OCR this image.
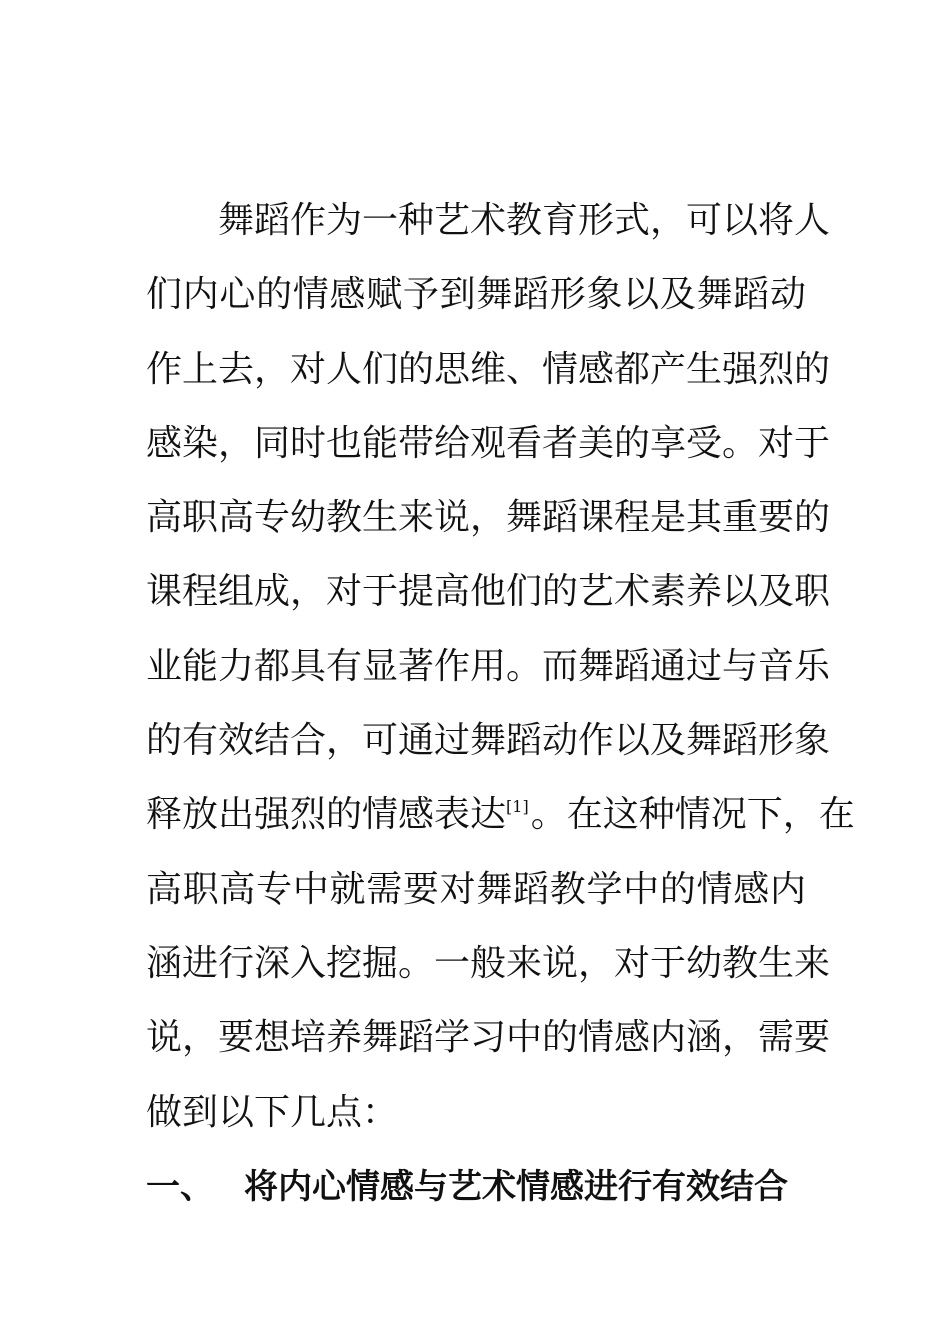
舞蹈作为一种艺术教育形式，可以将人
们内心的情感赋予到舞蹈形象以及舞蹈动
作上去，对人们的思维、情感都产生强烈的
感染，同时也能带给观看者美的享受。对于
高职高专幼教生来说，舞蹈课程是其重要的
课程组成，对于提高他们的艺术素养以及职
业能力都具有显著作用。而舞蹈通过与音乐
的有效结合，可通过舞蹈动作以及舞蹈形象
释放出强烈的情感表达[1]。在这种情况下，在
高职高专中就需要对舞蹈教学中的情感内
涵进行深入挖掘。一般来说，对于幼教生来
说，要想培养舞蹈学习中的情感内涵，需要
做到以下几点：
一、 将内心情感与艺术情感进行有效结合
